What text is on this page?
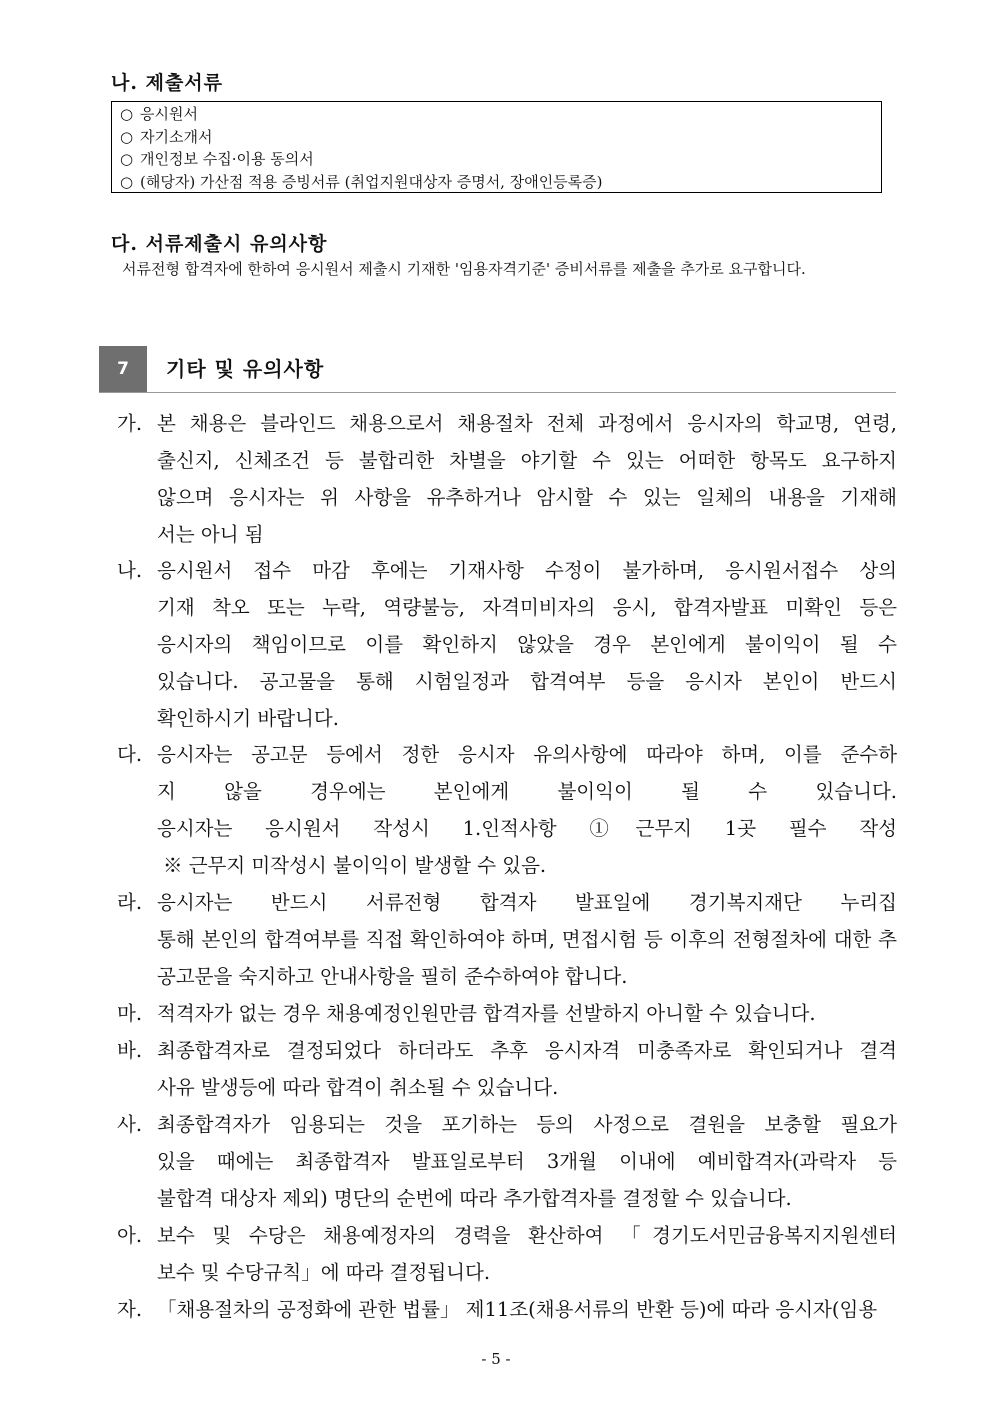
나. 제출서류
○ 응시원서
○ 자기소개서
○ 개인정보 수집·이용 동의서
○ (해당자) 가산점 적용 증빙서류 (취업지원대상자 증명서, 장애인등록증)
다. 서류제출시 유의사항
서류전형 합격자에 한하여 응시원서 제출시 기재한 '임용자격기준' 증비서류를 제출을 추가로 요구합니다.
7	기타 및 유의사항
가. 본 채용은 블라인드 채용으로서 채용절차 전체 과정에서 응시자의 학교명, 연령,
출신지, 신체조건 등 불합리한 차별을 야기할 수 있는 어떠한 항목도 요구하지
않으며 응시자는 위 사항을 유추하거나 암시할 수 있는 일체의 내용을 기재해
서는 아니 됨
나. 응시원서 접수 마감 후에는 기재사항 수정이 불가하며, 응시원서접수 상의
기재 착오 또는 누락, 역량불능, 자격미비자의 응시, 합격자발표 미확인 등은
응시자의 책임이므로 이를 확인하지 않았을 경우 본인에게 불이익이 될 수
있습니다. 공고물을 통해 시험일정과 합격여부 등을 응시자 본인이 반드시
확인하시기 바랍니다.
다. 응시자는 공고문 등에서 정한 응시자 유의사항에 따라야 하며, 이를 준수하
지 않을 경우에는 본인에게 불이익이 될 수 있습니다.
응시자는 응시원서 작성시 1.인적사항 ①근무지 1곳 필수 작성
※ 근무지 미작성시 불이익이 발생할 수 있음.
라. 응시자는 반드시 서류전형 합격자 발표일에 경기복지재단 누리집
통해 본인의 합격여부를 직접 확인하여야 하며, 면접시험 등 이후의 전형절차에 대한 추
공고문을 숙지하고 안내사항을 필히 준수하여야 합니다.
마. 적격자가 없는 경우 채용예정인원만큼 합격자를 선발하지 아니할 수 있습니다.
바. 최종합격자로 결정되었다 하더라도 추후 응시자격 미충족자로 확인되거나 결격
사유 발생등에 따라 합격이 취소될 수 있습니다.
사. 최종합격자가 임용되는 것을 포기하는 등의 사정으로 결원을 보충할 필요가
있을 때에는 최종합격자 발표일로부터 3개월 이내에 예비합격자(과락자 등
불합격 대상자 제외) 명단의 순번에 따라 추가합격자를 결정할 수 있습니다.
아. 보수 및 수당은 채용예정자의 경력을 환산하여 「경기도서민금융복지지원센터
보수 및 수당규칙」에 따라 결정됩니다.
자. 「채용절차의 공정화에 관한 법률」 제11조(채용서류의 반환 등)에 따라 응시자(임용
- 5 -
